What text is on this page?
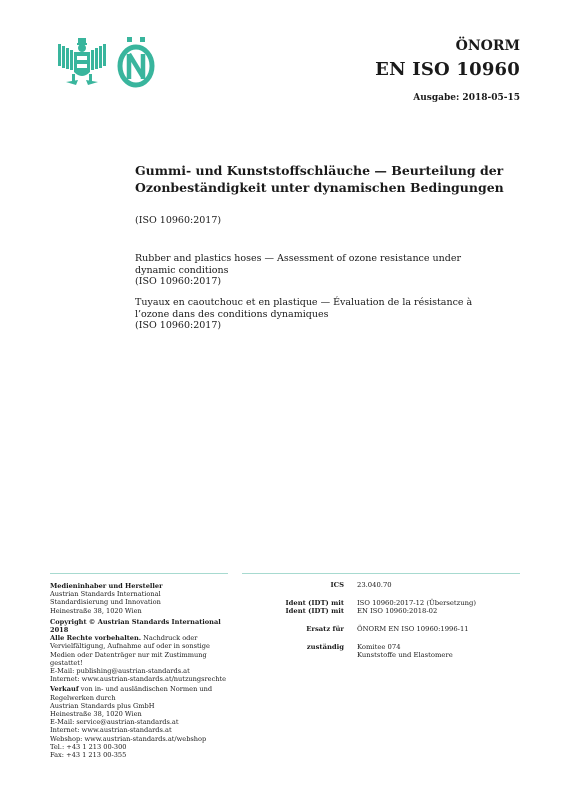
ÖNORM
EN ISO 10960
Ausgabe: 2018-05-15
Gummi- und Kunststoffschläuche — Beurteilung der
Ozonbeständigkeit unter dynamischen Bedingungen
(ISO 10960:2017)
Rubber and plastics hoses — Assessment of ozone resistance under
dynamic conditions
(ISO 10960:2017)
Tuyaux en caoutchouc et en plastique — Évaluation de la résistance à
l’ozone dans des conditions dynamiques
(ISO 10960:2017)
Medieninhaber und Hersteller
Austrian Standards International
Standardisierung und Innovation
Heinestraße 38, 1020 Wien
Copyright © Austrian Standards International 2018
Alle Rechte vorbehalten. Nachdruck oder
Vervielfältigung, Aufnahme auf oder in sonstige
Medien oder Datenträger nur mit Zustimmung
gestattet!
E-Mail: publishing@austrian-standards.at
Internet: www.austrian-standards.at/nutzungsrechte
Verkauf von in- und ausländischen Normen und
Regelwerken durch
Austrian Standards plus GmbH
Heinestraße 38, 1020 Wien
E-Mail: service@austrian-standards.at
Internet: www.austrian-standards.at
Webshop: www.austrian-standards.at/webshop
Tel.: +43 1 213 00-300
Fax: +43 1 213 00-355
ICS 23.040.70
Ident (IDT) mit ISO 10960:2017-12 (Übersetzung)
Ident (IDT) mit EN ISO 10960:2018-02
Ersatz für ÖNORM EN ISO 10960:1996-11
zuständig Komitee 074
Kunststoffe und Elastomere
